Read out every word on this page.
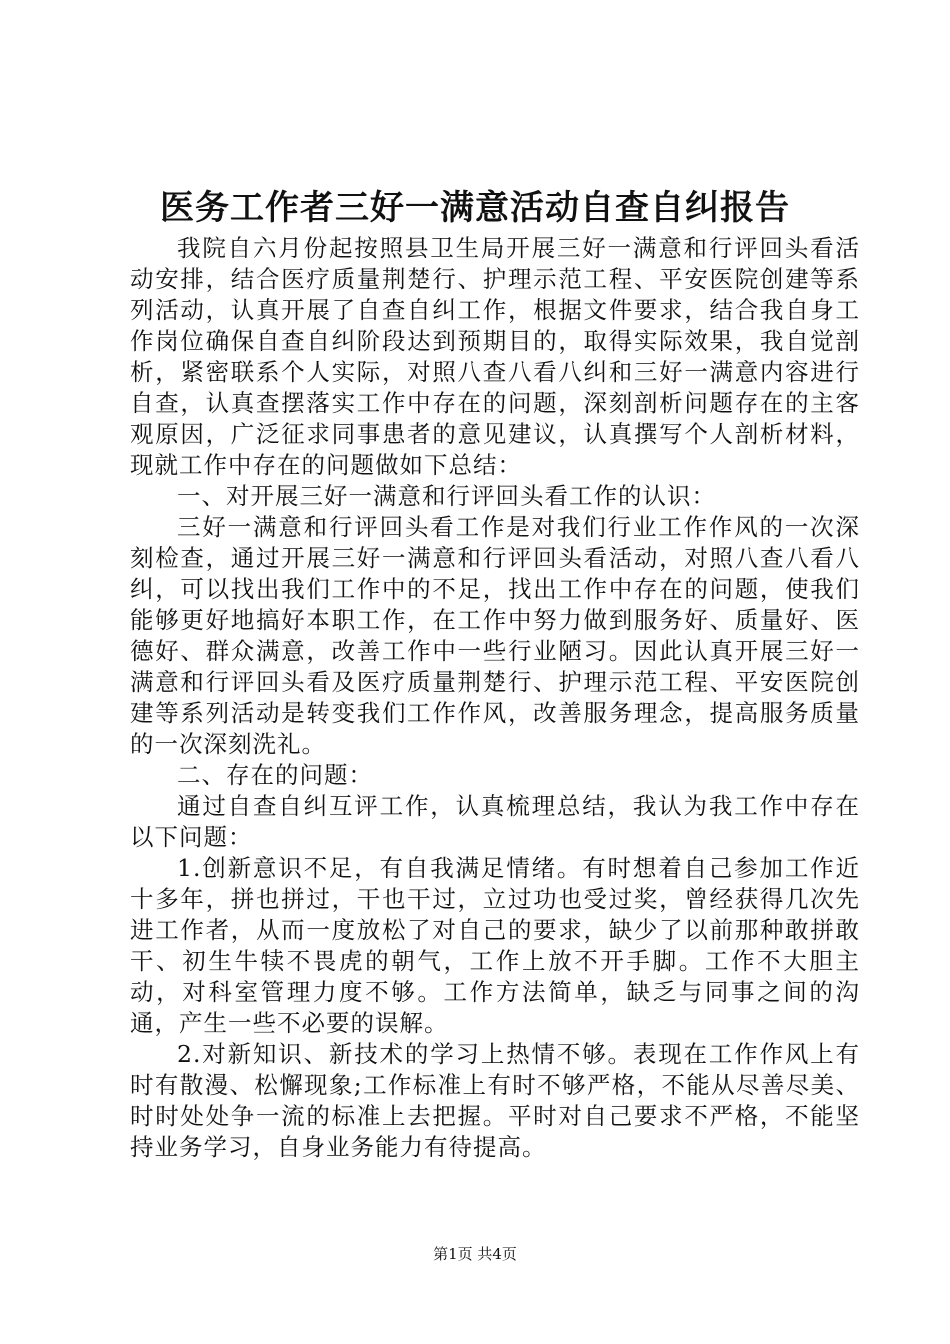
医务工作者三好一满意活动自查自纠报告

我院自六月份起按照县卫生局开展三好一满意和行评回头看活动安排，结合医疗质量荆楚行、护理示范工程、平安医院创建等系列活动，认真开展了自查自纠工作，根据文件要求，结合我自身工作岗位确保自查自纠阶段达到预期目的，取得实际效果，我自觉剖析，紧密联系个人实际，对照八查八看八纠和三好一满意内容进行自查，认真查摆落实工作中存在的问题，深刻剖析问题存在的主客观原因，广泛征求同事患者的意见建议，认真撰写个人剖析材料，现就工作中存在的问题做如下总结：

一、对开展三好一满意和行评回头看工作的认识：

三好一满意和行评回头看工作是对我们行业工作作风的一次深刻检查，通过开展三好一满意和行评回头看活动，对照八查八看八纠，可以找出我们工作中的不足，找出工作中存在的问题，使我们能够更好地搞好本职工作，在工作中努力做到服务好、质量好、医德好、群众满意，改善工作中一些行业陋习。因此认真开展三好一满意和行评回头看及医疗质量荆楚行、护理示范工程、平安医院创建等系列活动是转变我们工作作风，改善服务理念，提高服务质量的一次深刻洗礼。

二、存在的问题：

通过自查自纠互评工作，认真梳理总结，我认为我工作中存在以下问题：

1.创新意识不足，有自我满足情绪。有时想着自己参加工作近十多年，拼也拼过，干也干过，立过功也受过奖，曾经获得几次先进工作者，从而一度放松了对自己的要求，缺少了以前那种敢拼敢干、初生牛犊不畏虎的朝气，工作上放不开手脚。工作不大胆主动，对科室管理力度不够。工作方法简单，缺乏与同事之间的沟通，产生一些不必要的误解。

2.对新知识、新技术的学习上热情不够。表现在工作作风上有时有散漫、松懈现象;工作标准上有时不够严格，不能从尽善尽美、时时处处争一流的标准上去把握。平时对自己要求不严格，不能坚持业务学习，自身业务能力有待提高。

第1页 共4页
